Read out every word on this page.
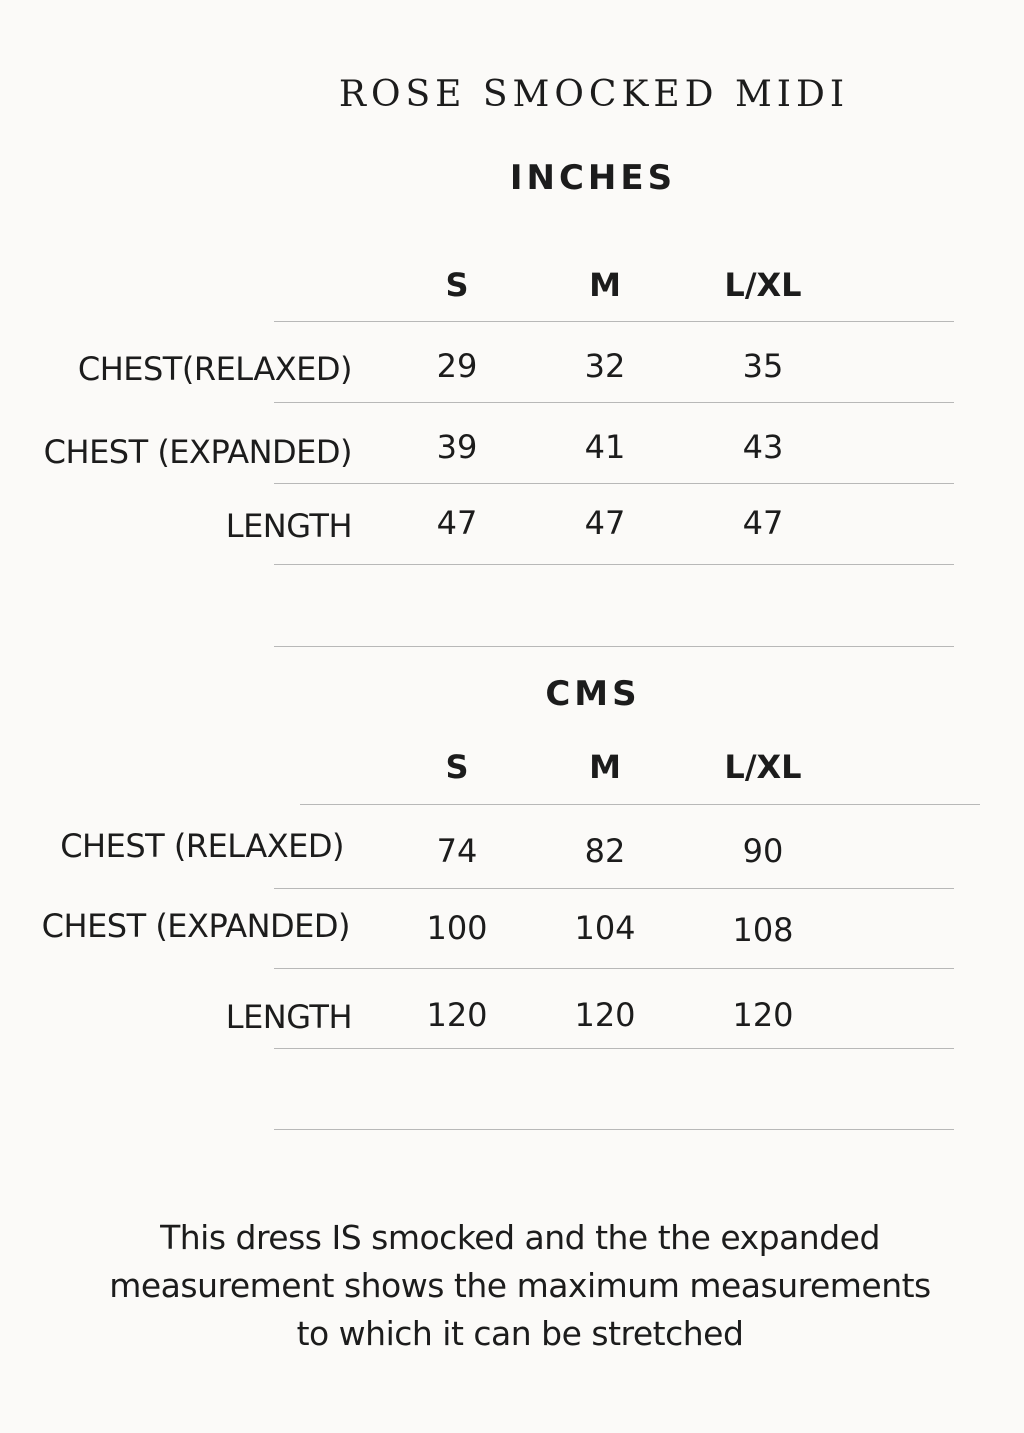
ROSE SMOCKED MIDI
INCHES
S	M	L/XL
CHEST(RELAXED)	29	32	35
CHEST (EXPANDED)	39	41	43
LENGTH	47	47	47
CMS
S	M	L/XL
CHEST (RELAXED)	74	82	90
CHEST (EXPANDED)	100	104	108
LENGTH	120	120	120
This dress IS smocked and the the expanded
measurement shows the maximum measurements
to which it can be stretched
